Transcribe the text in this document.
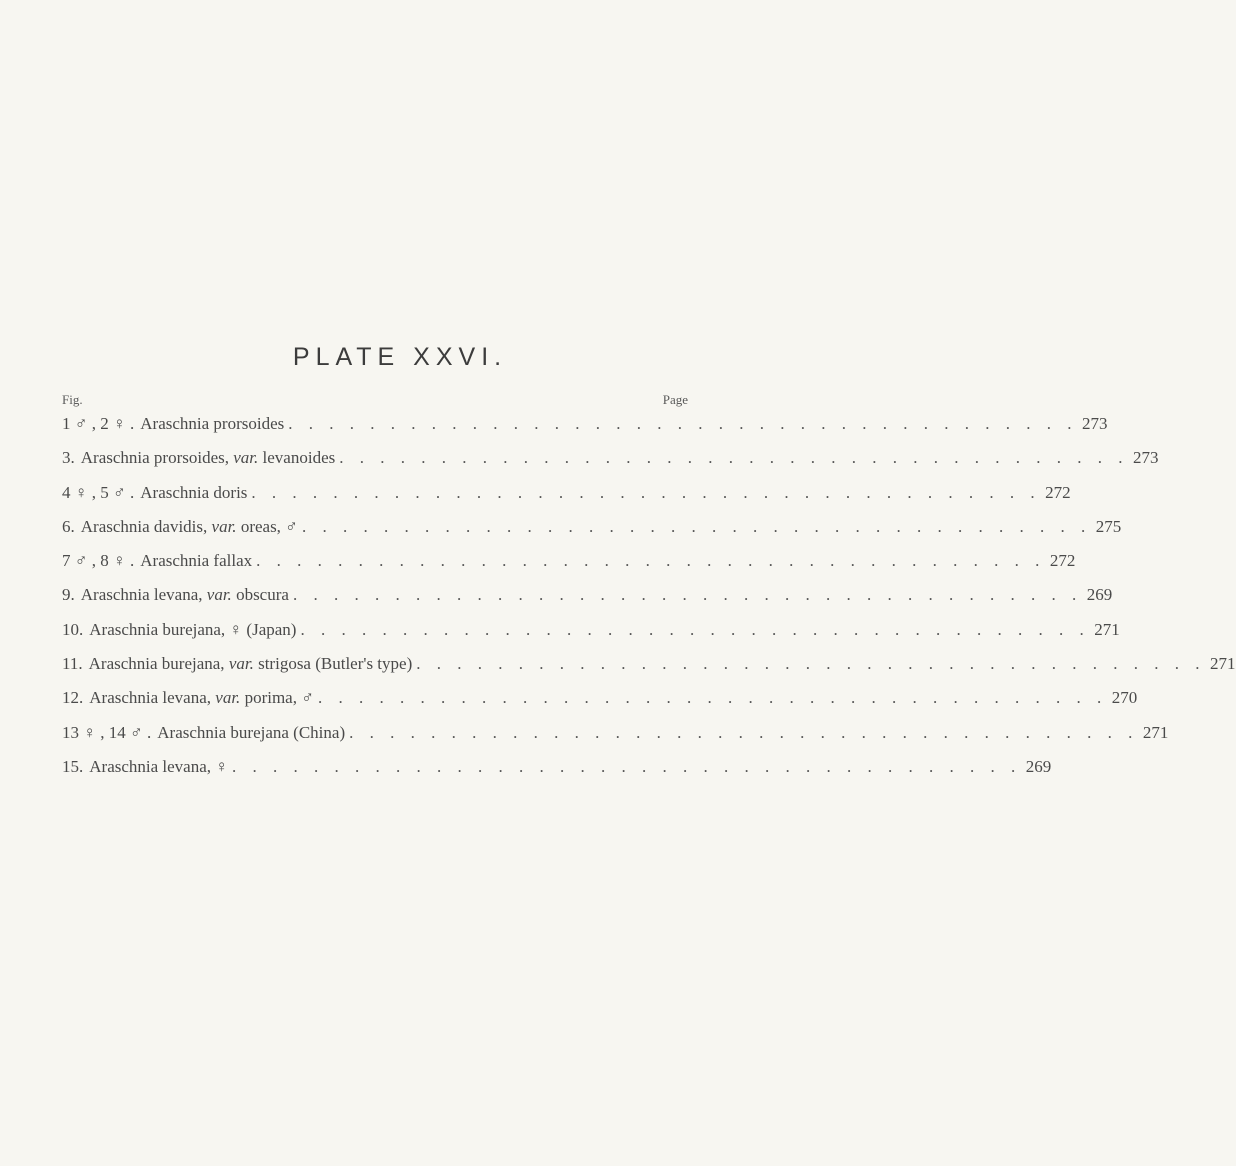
PLATE XXVI.
Fig.	Page
1 ♂ , 2 ♀ . Araschnia prorsoides . . . . . . . . . . . . . . . . . . . . . . . . . . . . . . . . . . . . . . . 273
3. Araschnia prorsoides, var. levanoides . . . . . . . . . . . . . . . . . . . . . . . . . . . . . . . . . . . . . . . 273
4 ♀ , 5 ♂ . Araschnia doris . . . . . . . . . . . . . . . . . . . . . . . . . . . . . . . . . . . . . . . 272
6. Araschnia davidis, var. oreas, ♂ . . . . . . . . . . . . . . . . . . . . . . . . . . . . . . . . . . . . . . . 275
7 ♂ , 8 ♀ . Araschnia fallax . . . . . . . . . . . . . . . . . . . . . . . . . . . . . . . . . . . . . . . 272
9. Araschnia levana, var. obscura . . . . . . . . . . . . . . . . . . . . . . . . . . . . . . . . . . . . . . . 269
10. Araschnia burejana, ♀ (Japan) . . . . . . . . . . . . . . . . . . . . . . . . . . . . . . . . . . . . . . . 271
11. Araschnia burejana, var. strigosa (Butler's type) . . . . . . . . . . . . . . . . . . . . . . . . . . . . . . . . . . . . . . . 271
12. Araschnia levana, var. porima, ♂ . . . . . . . . . . . . . . . . . . . . . . . . . . . . . . . . . . . . . . . 270
13 ♀ , 14 ♂ . Araschnia burejana (China) . . . . . . . . . . . . . . . . . . . . . . . . . . . . . . . . . . . . . . . 271
15. Araschnia levana, ♀ . . . . . . . . . . . . . . . . . . . . . . . . . . . . . . . . . . . . . . . 269
